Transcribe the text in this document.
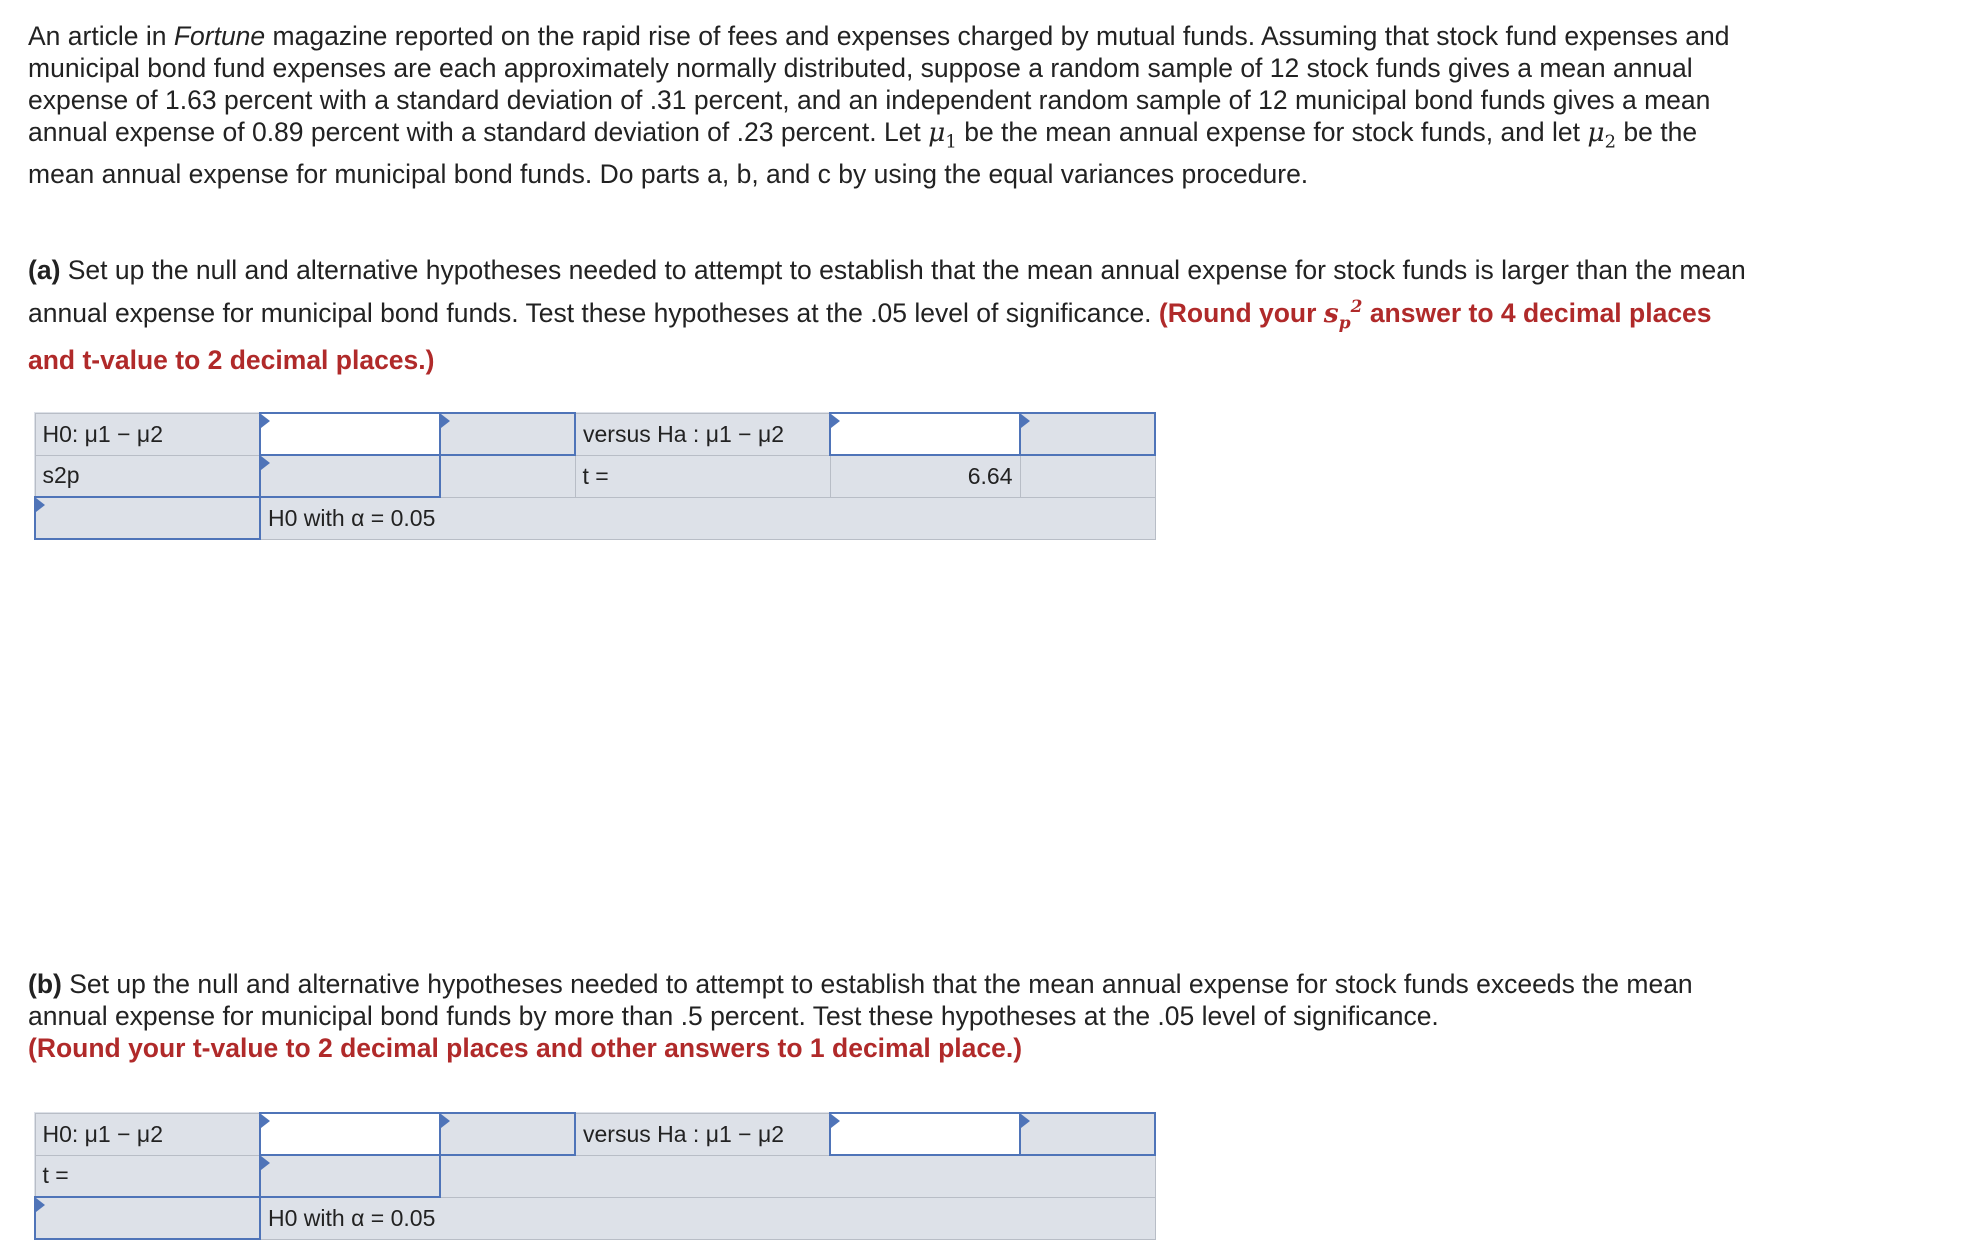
An article in Fortune magazine reported on the rapid rise of fees and expenses charged by mutual funds. Assuming that stock fund expenses and municipal bond fund expenses are each approximately normally distributed, suppose a random sample of 12 stock funds gives a mean annual expense of 1.63 percent with a standard deviation of .31 percent, and an independent random sample of 12 municipal bond funds gives a mean annual expense of 0.89 percent with a standard deviation of .23 percent. Let $\mu_1$ be the mean annual expense for stock funds, and let $\mu_2$ be the mean annual expense for municipal bond funds. Do parts a, b, and c by using the equal variances procedure.

(a) Set up the null and alternative hypotheses needed to attempt to establish that the mean annual expense for stock funds is larger than the mean annual expense for municipal bond funds. Test these hypotheses at the .05 level of significance. (Round your $s_p^2$ answer to 4 decimal places and t-value to 2 decimal places.)

H0: μ1 − μ2			versus Ha : μ1 − μ2		
s2p			t =	6.64	
	H0 with α = 0.05				

(b) Set up the null and alternative hypotheses needed to attempt to establish that the mean annual expense for stock funds exceeds the mean annual expense for municipal bond funds by more than .5 percent. Test these hypotheses at the .05 level of significance.
(Round your t-value to 2 decimal places and other answers to 1 decimal place.)

H0: μ1 − μ2			versus Ha : μ1 − μ2		
t =					
	H0 with α = 0.05				
